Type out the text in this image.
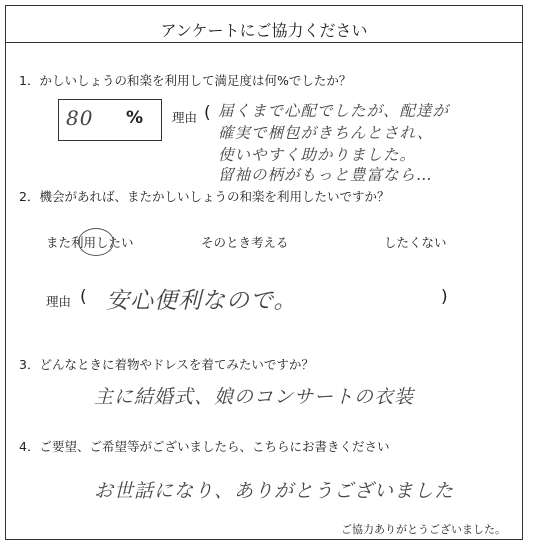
アンケートにご協力ください
1．かしいしょうの和楽を利用して満足度は何%でしたか？
80 % 理由 ( 届くまで心配でしたが、配達が
確実で梱包がきちんとされ、
使いやすく助かりました。
留袖の柄がもっと豊富なら…
2．機会があれば、またかしいしょうの和楽を利用したいですか？
また利用したい	そのとき考える	したくない
理由 ( 安心便利なので。	)
3．どんなときに着物やドレスを着てみたいですか？
主に結婚式、娘のコンサートの衣装
4．ご要望、ご希望等がございましたら、こちらにお書きください
お世話になり、ありがとうございました
ご協力ありがとうございました。
